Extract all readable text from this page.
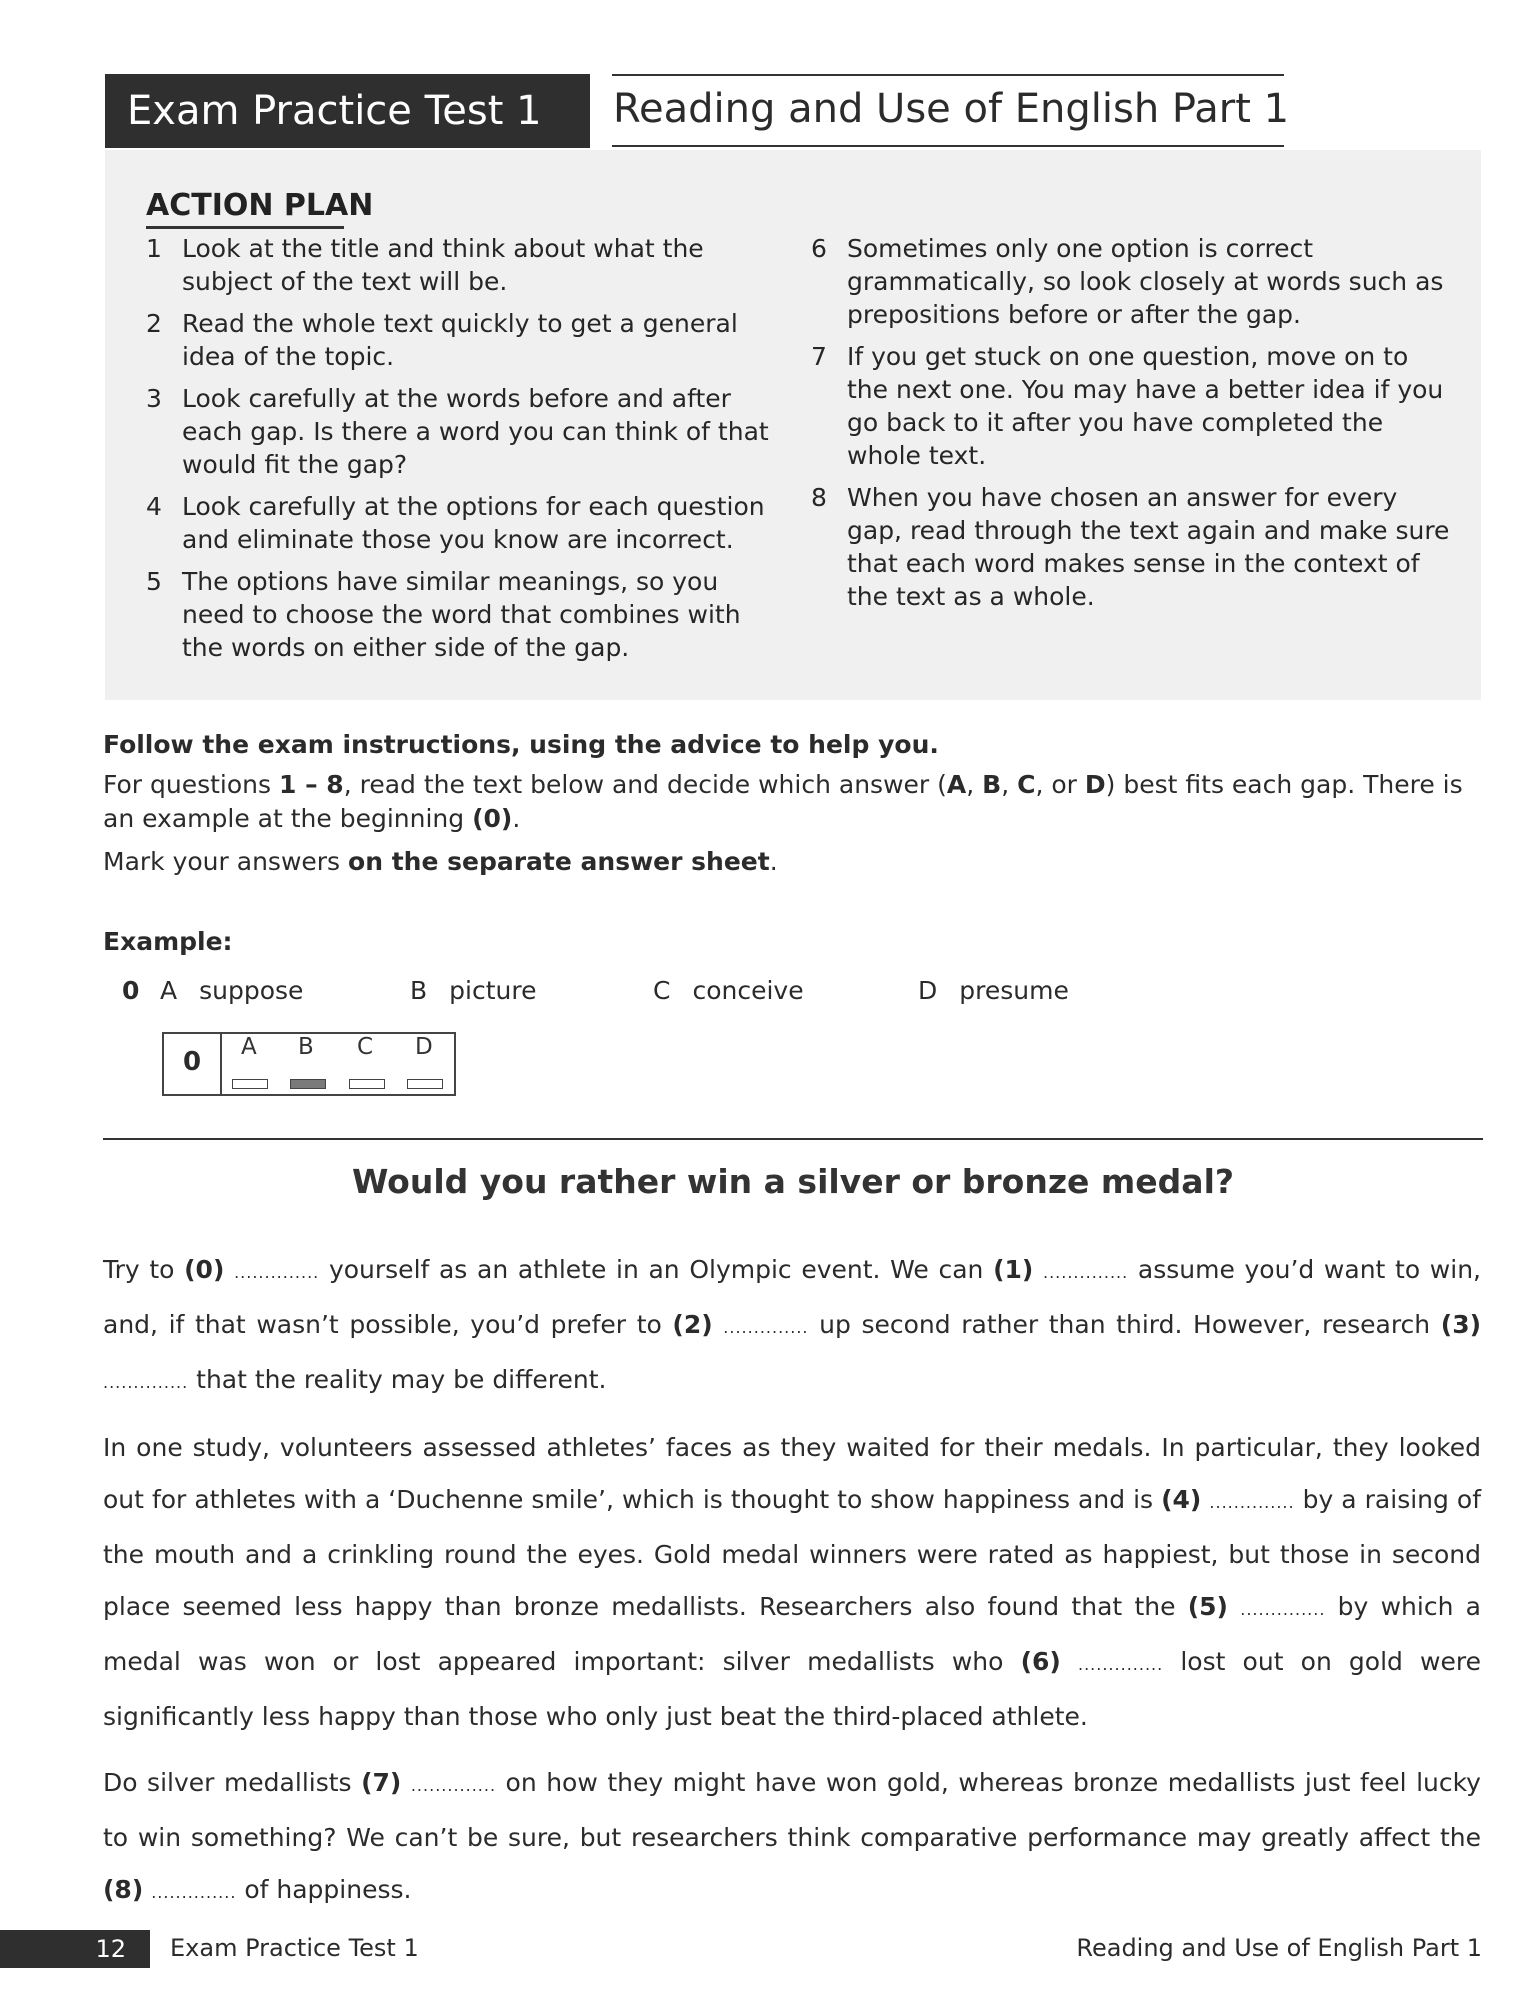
Exam Practice Test 1	Reading and Use of English Part 1
ACTION PLAN
1 Look at the title and think about what the subject of the text will be.
2 Read the whole text quickly to get a general idea of the topic.
3 Look carefully at the words before and after each gap. Is there a word you can think of that would fit the gap?
4 Look carefully at the options for each question and eliminate those you know are incorrect.
5 The options have similar meanings, so you need to choose the word that combines with the words on either side of the gap.
6 Sometimes only one option is correct grammatically, so look closely at words such as prepositions before or after the gap.
7 If you get stuck on one question, move on to the next one. You may have a better idea if you go back to it after you have completed the whole text.
8 When you have chosen an answer for every gap, read through the text again and make sure that each word makes sense in the context of the text as a whole.
Follow the exam instructions, using the advice to help you.
For questions 1 – 8, read the text below and decide which answer (A, B, C, or D) best fits each gap. There is an example at the beginning (0).
Mark your answers on the separate answer sheet.
Example:
0 A suppose	B picture	C conceive	D presume
0 A B C D
Would you rather win a silver or bronze medal?
Try to (0) .............. yourself as an athlete in an Olympic event. We can (1) .............. assume you’d want to win, and, if that wasn’t possible, you’d prefer to (2) .............. up second rather than third. However, research (3) .............. that the reality may be different.
In one study, volunteers assessed athletes’ faces as they waited for their medals. In particular, they looked out for athletes with a ‘Duchenne smile’, which is thought to show happiness and is (4) .............. by a raising of the mouth and a crinkling round the eyes. Gold medal winners were rated as happiest, but those in second place seemed less happy than bronze medallists. Researchers also found that the (5) .............. by which a medal was won or lost appeared important: silver medallists who (6) .............. lost out on gold were significantly less happy than those who only just beat the third-placed athlete.
Do silver medallists (7) .............. on how they might have won gold, whereas bronze medallists just feel lucky to win something? We can’t be sure, but researchers think comparative performance may greatly affect the (8) .............. of happiness.
12	Exam Practice Test 1	Reading and Use of English Part 1
